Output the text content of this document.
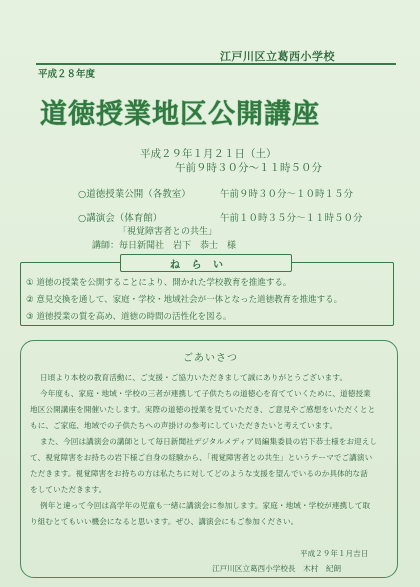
江戸川区立葛西小学校
平成２８年度
道徳授業地区公開講座
平成２９年１月２１日（土）
午前９時３０分～１１時５０分
○道徳授業公開（各教室）	午前９時３０分～１０時１５分
○講演会（体育館）	午前１０時３５分～１１時５０分
「視覚障害者との共生」
講師：毎日新聞社　岩下　恭士　様
ね ら い
① 道徳の授業を公開することにより、開かれた学校教育を推進する。
② 意見交換を通して、家庭・学校・地域社会が一体となった道徳教育を推進する。
③ 道徳授業の質を高め、道徳の時間の活性化を図る。
ごあいさつ
日頃より本校の教育活動に、ご支援・ご協力いただきまして誠にありがとうございます。
今年度も、家庭・地域・学校の三者が連携して子供たちの道徳心を育てていくために、道徳授業
地区公開講座を開催いたします。実際の道徳の授業を見ていただき、ご意見やご感想をいただくとと
もに、ご家庭、地域での子供たちへの声掛けの参考にしていただきたいと考えています。
また、今回は講演会の講師として毎日新聞社デジタルメディア局編集委員の岩下恭士様をお迎えし
て、視覚障害をお持ちの岩下様ご自身の経験から、「視覚障害者との共生」というテーマでご講演い
ただきます。視覚障害をお持ちの方は私たちに対してどのような支援を望んでいるのか具体的な話
をしていただきます。
例年と違って今回は高学年の児童も一緒に講演会に参加します。家庭・地域・学校が連携して取
り組むとてもいい機会になると思います。ぜひ、講演会にもご参加ください。
平成２９年１月吉日
江戸川区立葛西小学校長　木村　紀朗
